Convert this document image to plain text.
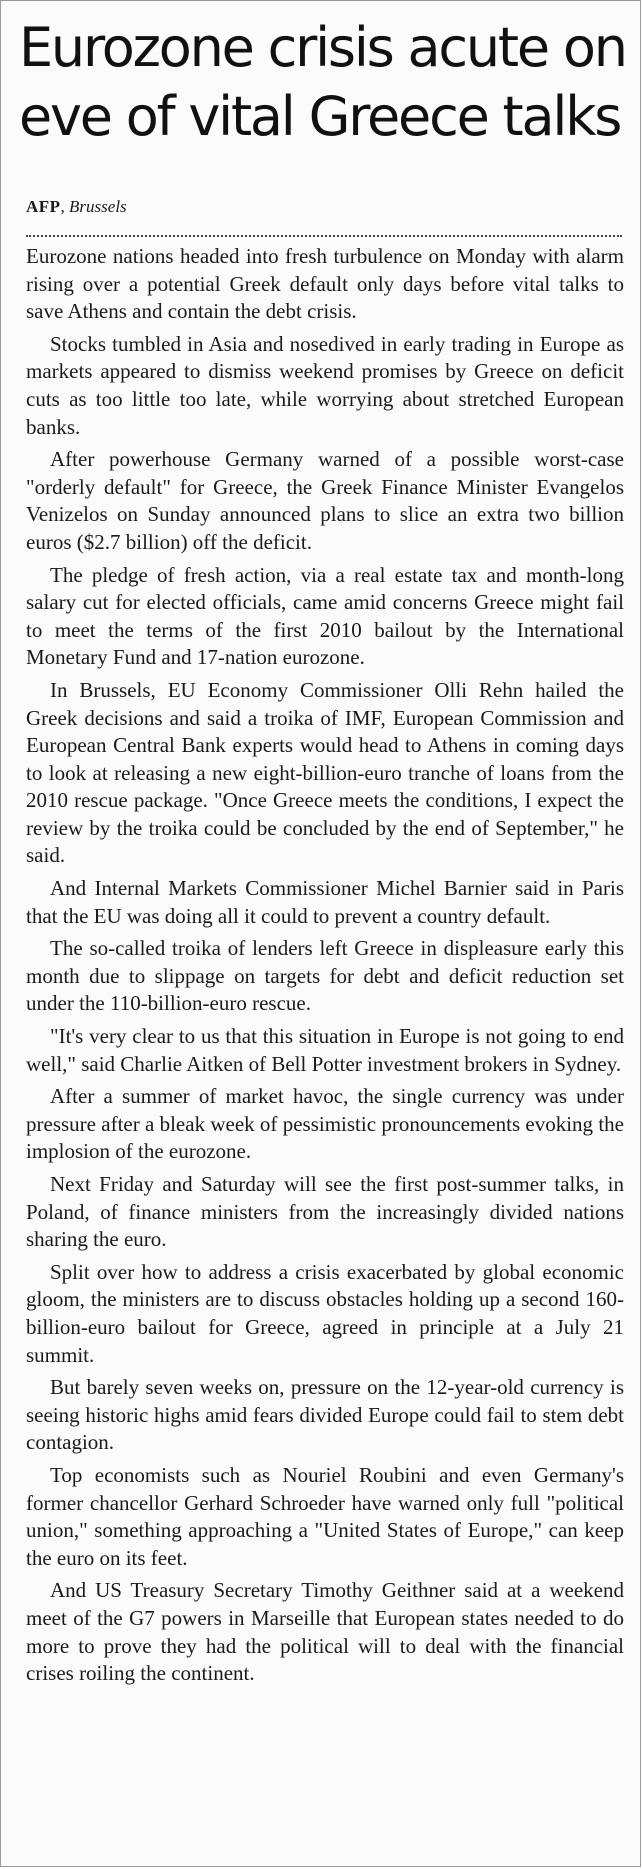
Eurozone crisis acute on
eve of vital Greece talks
AFP, Brussels

Eurozone nations headed into fresh turbulence on Monday with alarm rising over a potential Greek default only days before vital talks to save Athens and contain the debt crisis.

Stocks tumbled in Asia and nosedived in early trading in Europe as markets appeared to dismiss weekend promises by Greece on deficit cuts as too little too late, while worrying about stretched European banks.

After powerhouse Germany warned of a possible worst-case "orderly default" for Greece, the Greek Finance Minister Evangelos Venizelos on Sunday announced plans to slice an extra two billion euros ($2.7 billion) off the deficit.

The pledge of fresh action, via a real estate tax and month-long salary cut for elected officials, came amid concerns Greece might fail to meet the terms of the first 2010 bailout by the International Monetary Fund and 17-nation eurozone.

In Brussels, EU Economy Commissioner Olli Rehn hailed the Greek decisions and said a troika of IMF, European Commission and European Central Bank experts would head to Athens in coming days to look at releasing a new eight-billion-euro tranche of loans from the 2010 rescue package. "Once Greece meets the conditions, I expect the review by the troika could be concluded by the end of September," he said.

And Internal Markets Commissioner Michel Barnier said in Paris that the EU was doing all it could to prevent a country default.

The so-called troika of lenders left Greece in displeasure early this month due to slippage on targets for debt and deficit reduction set under the 110-billion-euro rescue.

"It's very clear to us that this situation in Europe is not going to end well," said Charlie Aitken of Bell Potter investment brokers in Sydney.

After a summer of market havoc, the single currency was under pressure after a bleak week of pessimistic pronouncements evoking the implosion of the eurozone.

Next Friday and Saturday will see the first post-summer talks, in Poland, of finance ministers from the increasingly divided nations sharing the euro.

Split over how to address a crisis exacerbated by global economic gloom, the ministers are to discuss obstacles holding up a second 160-billion-euro bailout for Greece, agreed in principle at a July 21 summit.

But barely seven weeks on, pressure on the 12-year-old currency is seeing historic highs amid fears divided Europe could fail to stem debt contagion.

Top economists such as Nouriel Roubini and even Germany's former chancellor Gerhard Schroeder have warned only full "political union," something approaching a "United States of Europe," can keep the euro on its feet.

And US Treasury Secretary Timothy Geithner said at a weekend meet of the G7 powers in Marseille that European states needed to do more to prove they had the political will to deal with the financial crises roiling the continent.
